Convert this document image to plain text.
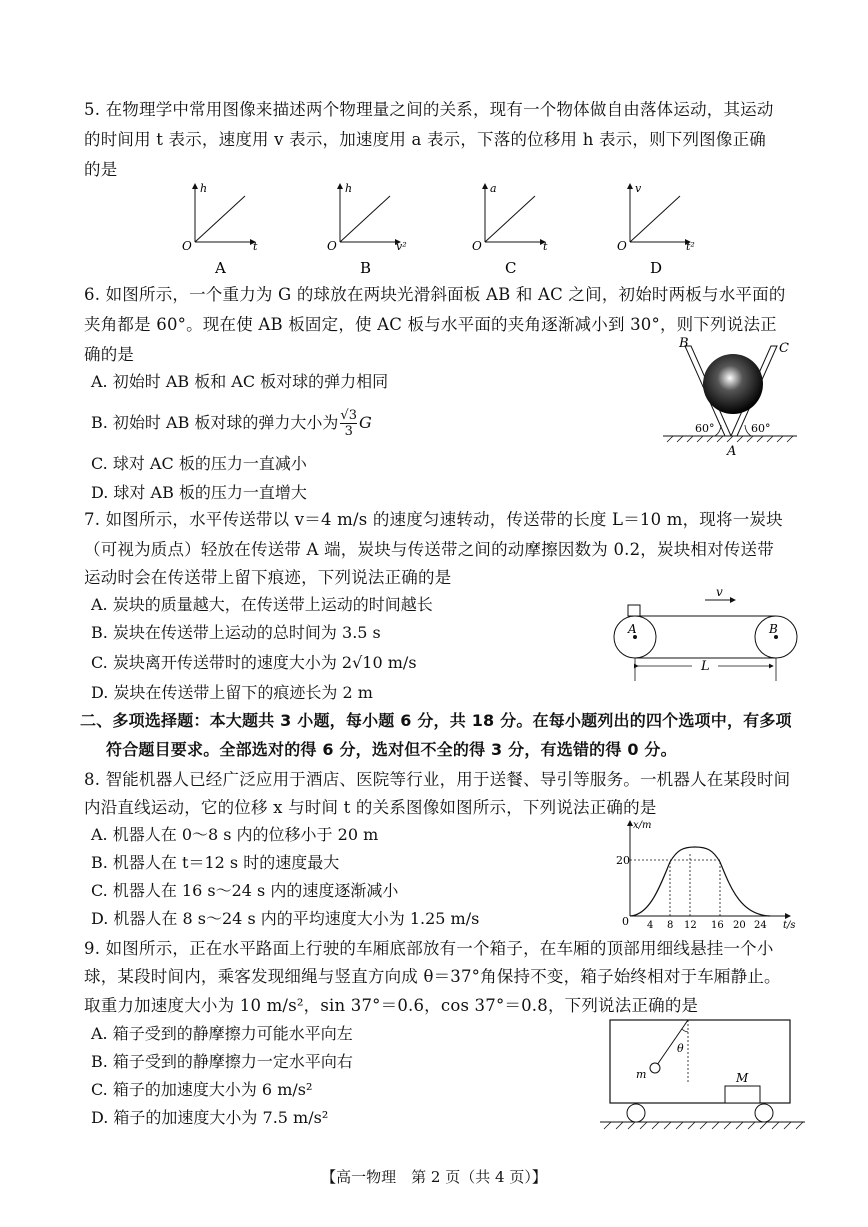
5. 在物理学中常用图像来描述两个物理量之间的关系，现有一个物体做自由落体运动，其运动
的时间用 t 表示，速度用 v 表示，加速度用 a 表示，下落的位移用 h 表示，则下列图像正确
的是
h
t
O
A
h
v²
O
B
a
t
O
C
v
t²
O
D
6. 如图所示，一个重力为 G 的球放在两块光滑斜面板 AB 和 AC 之间，初始时两板与水平面的
夹角都是 60°。现在使 AB 板固定，使 AC 板与水平面的夹角逐渐减小到 30°，则下列说法正
确的是
A. 初始时 AB 板和 AC 板对球的弹力相同
B. 初始时 AB 板对球的弹力大小为 $\frac{√3}{3}$ G
C. 球对 AC 板的压力一直减小
D. 球对 AB 板的压力一直增大
B	C
A
60°	60°
7. 如图所示，水平传送带以 v＝4 m/s 的速度匀速转动，传送带的长度 L＝10 m，现将一炭块
（可视为质点）轻放在传送带 A 端，炭块与传送带之间的动摩擦因数为 0.2，炭块相对传送带
运动时会在传送带上留下痕迹，下列说法正确的是
A. 炭块的质量越大，在传送带上运动的时间越长
B. 炭块在传送带上运动的总时间为 3.5 s
C. 炭块离开传送带时的速度大小为 2√10 m/s
D. 炭块在传送带上留下的痕迹长为 2 m
v
A	B
L
二、多项选择题：本大题共 3 小题，每小题 6 分，共 18 分。在每小题列出的四个选项中，有多项
符合题目要求。全部选对的得 6 分，选对但不全的得 3 分，有选错的得 0 分。
8. 智能机器人已经广泛应用于酒店、医院等行业，用于送餐、导引等服务。一机器人在某段时间
内沿直线运动，它的位移 x 与时间 t 的关系图像如图所示，下列说法正确的是
A. 机器人在 0～8 s 内的位移小于 20 m
B. 机器人在 t＝12 s 时的速度最大
C. 机器人在 16 s～24 s 内的速度逐渐减小
D. 机器人在 8 s～24 s 内的平均速度大小为 1.25 m/s
x/m
t/s
20
0 4 8 12 16 20 24
9. 如图所示，正在水平路面上行驶的车厢底部放有一个箱子，在车厢的顶部用细线悬挂一个小
球，某段时间内，乘客发现细绳与竖直方向成 θ＝37°角保持不变，箱子始终相对于车厢静止。
取重力加速度大小为 10 m/s²，sin 37°＝0.6，cos 37°＝0.8，下列说法正确的是
A. 箱子受到的静摩擦力可能水平向左
B. 箱子受到的静摩擦力一定水平向右
C. 箱子的加速度大小为 6 m/s²
D. 箱子的加速度大小为 7.5 m/s²
θ
m	M
【高一物理　第 2 页（共 4 页）】
